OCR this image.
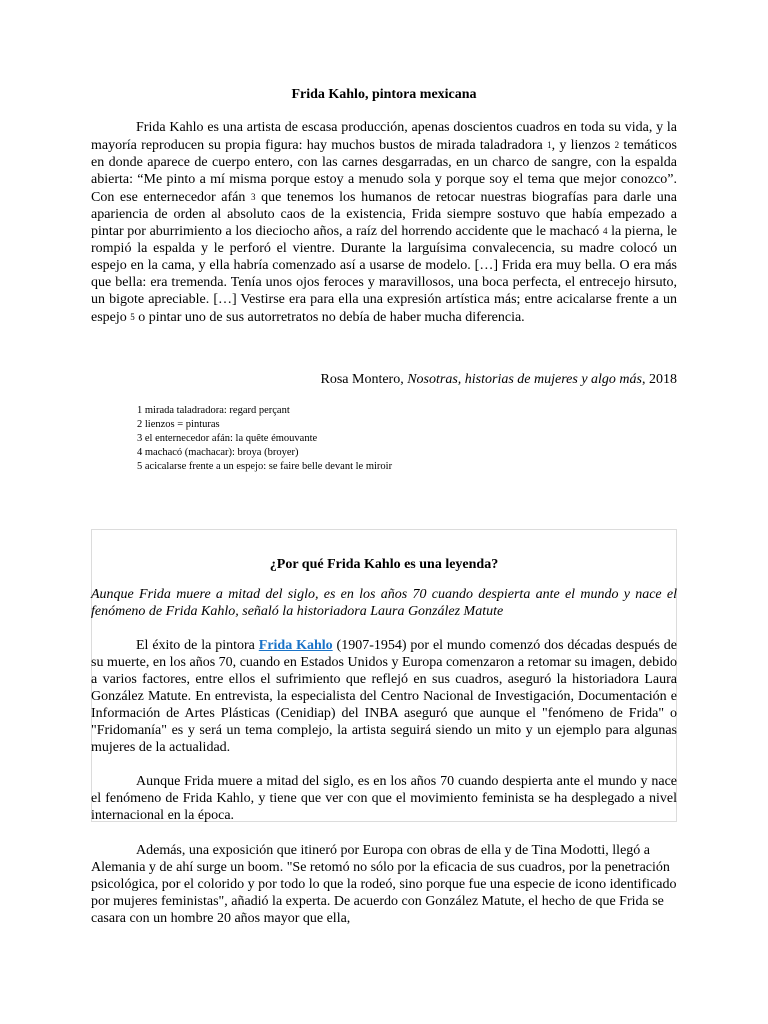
Frida Kahlo, pintora mexicana
Frida Kahlo es una artista de escasa producción, apenas doscientos cuadros en toda su vida, y la mayoría reproducen su propia figura: hay muchos bustos de mirada taladradora 1, y lienzos 2 temáticos en donde aparece de cuerpo entero, con las carnes desgarradas, en un charco de sangre, con la espalda abierta: “Me pinto a mí misma porque estoy a menudo sola y porque soy el tema que mejor conozco”. Con ese enternecedor afán 3 que tenemos los humanos de retocar nuestras biografías para darle una apariencia de orden al absoluto caos de la existencia, Frida siempre sostuvo que había empezado a pintar por aburrimiento a los dieciocho años, a raíz del horrendo accidente que le machacó 4 la pierna, le rompió la espalda y le perforó el vientre. Durante la larguísima convalecencia, su madre colocó un espejo en la cama, y ella habría comenzado así a usarse de modelo. […] Frida era muy bella. O era más que bella: era tremenda. Tenía unos ojos feroces y maravillosos, una boca perfecta, el entrecejo hirsuto, un bigote apreciable. […] Vestirse era para ella una expresión artística más; entre acicalarse frente a un espejo 5 o pintar uno de sus autorretratos no debía de haber mucha diferencia.
Rosa Montero, Nosotras, historias de mujeres y algo más, 2018
1 mirada taladradora: regard perçant
2 lienzos = pinturas
3 el enternecedor afán: la quête émouvante
4 machacó (machacar): broya (broyer)
5 acicalarse frente a un espejo: se faire belle devant le miroir
¿Por qué Frida Kahlo es una leyenda?
Aunque Frida muere a mitad del siglo, es en los años 70 cuando despierta ante el mundo y nace el fenómeno de Frida Kahlo, señaló la historiadora Laura González Matute
El éxito de la pintora Frida Kahlo (1907-1954) por el mundo comenzó dos décadas después de su muerte, en los años 70, cuando en Estados Unidos y Europa comenzaron a retomar su imagen, debido a varios factores, entre ellos el sufrimiento que reflejó en sus cuadros, aseguró la historiadora Laura González Matute. En entrevista, la especialista del Centro Nacional de Investigación, Documentación e Información de Artes Plásticas (Cenidiap) del INBA aseguró que aunque el "fenómeno de Frida" o "Fridomanía" es y será un tema complejo, la artista seguirá siendo un mito y un ejemplo para algunas mujeres de la actualidad.
Aunque Frida muere a mitad del siglo, es en los años 70 cuando despierta ante el mundo y nace el fenómeno de Frida Kahlo, y tiene que ver con que el movimiento feminista se ha desplegado a nivel internacional en la época.
Además, una exposición que itineró por Europa con obras de ella y de Tina Modotti, llegó a Alemania y de ahí surge un boom. "Se retomó no sólo por la eficacia de sus cuadros, por la penetración psicológica, por el colorido y por todo lo que la rodeó, sino porque fue una especie de icono identificado por mujeres feministas", añadió la experta. De acuerdo con González Matute, el hecho de que Frida se casara con un hombre 20 años mayor que ella,
